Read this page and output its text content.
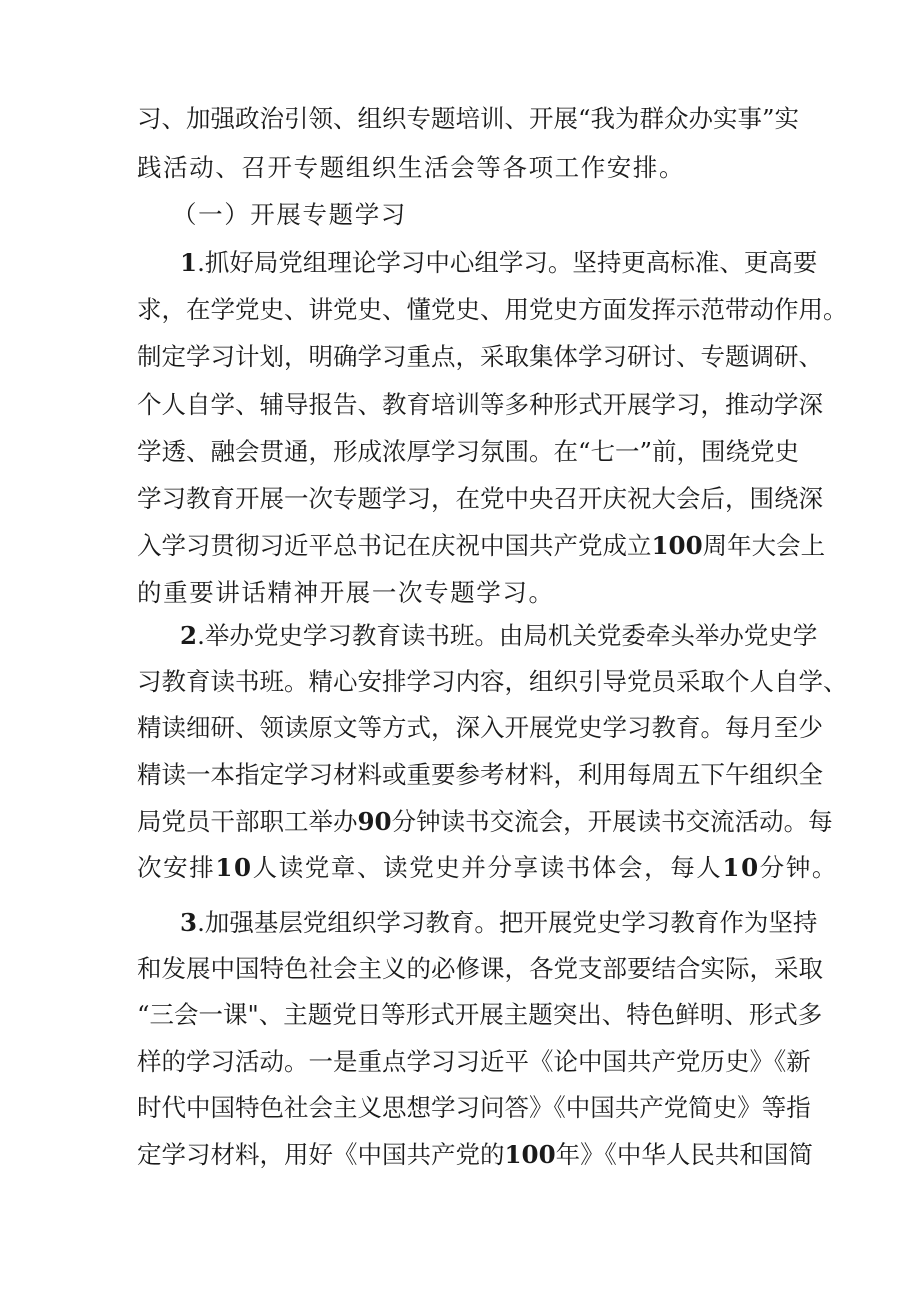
习、加强政治引领、组织专题培训、开展“我为群众办实事”实
践活动、召开专题组织生活会等各项工作安排。
（一）开展专题学习
1.抓好局党组理论学习中心组学习。坚持更高标准、更高要
求，在学党史、讲党史、懂党史、用党史方面发挥示范带动作用。
制定学习计划，明确学习重点，采取集体学习研讨、专题调研、
个人自学、辅导报告、教育培训等多种形式开展学习，推动学深
学透、融会贯通，形成浓厚学习氛围。在“七一”前，围绕党史
学习教育开展一次专题学习，在党中央召开庆祝大会后，围绕深
入学习贯彻习近平总书记在庆祝中国共产党成立100周年大会上
的重要讲话精神开展一次专题学习。
2.举办党史学习教育读书班。由局机关党委牵头举办党史学
习教育读书班。精心安排学习内容，组织引导党员采取个人自学、
精读细研、领读原文等方式，深入开展党史学习教育。每月至少
精读一本指定学习材料或重要参考材料，利用每周五下午组织全
局党员干部职工举办90分钟读书交流会，开展读书交流活动。每
次安排10人读党章、读党史并分享读书体会，每人10分钟。
3.加强基层党组织学习教育。把开展党史学习教育作为坚持
和发展中国特色社会主义的必修课，各党支部要结合实际，采取
“三会一课"、主题党日等形式开展主题突出、特色鲜明、形式多
样的学习活动。一是重点学习习近平《论中国共产党历史》《新
时代中国特色社会主义思想学习问答》《中国共产党简史》等指
定学习材料，用好《中国共产党的100年》《中华人民共和国简
